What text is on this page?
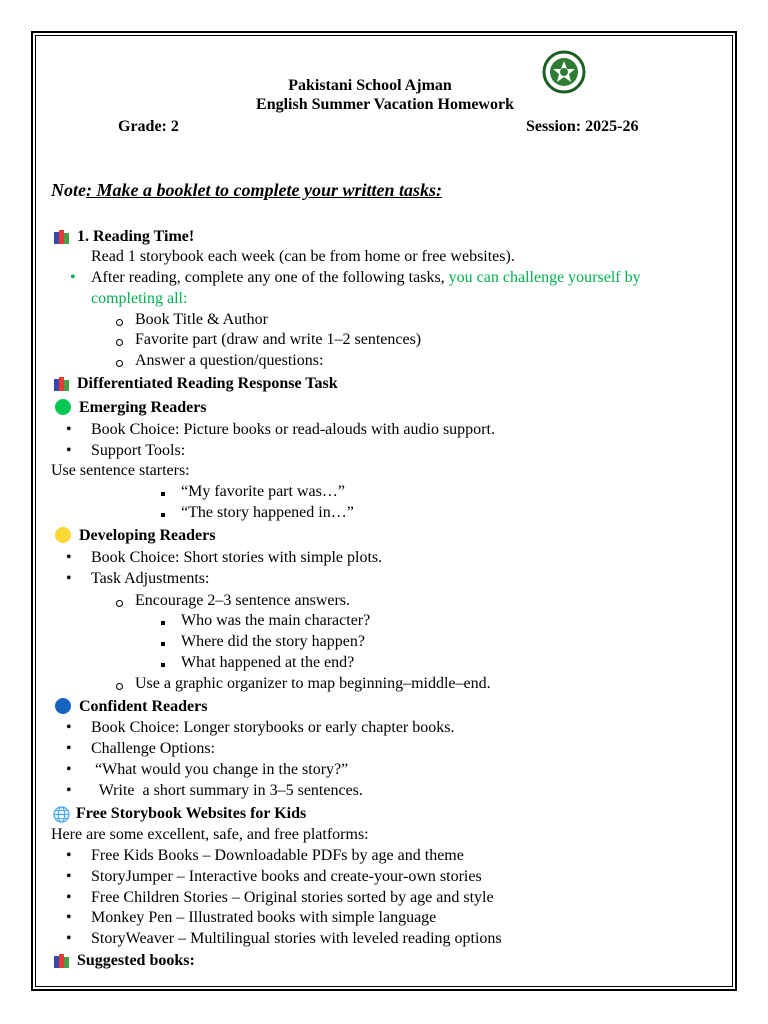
Pakistani School Ajman
English Summer Vacation Homework
Grade: 2	Session: 2025-26
Note: Make a booklet to complete your written tasks:
1. Reading Time!
Read 1 storybook each week (can be from home or free websites).
• After reading, complete any one of the following tasks, you can challenge yourself by
completing all:
Book Title & Author
Favorite part (draw and write 1–2 sentences)
Answer a question/questions:
Differentiated Reading Response Task
Emerging Readers
• Book Choice: Picture books or read-alouds with audio support.
• Support Tools:
Use sentence starters:
“My favorite part was…”
“The story happened in…”
Developing Readers
• Book Choice: Short stories with simple plots.
• Task Adjustments:
Encourage 2–3 sentence answers.
Who was the main character?
Where did the story happen?
What happened at the end?
Use a graphic organizer to map beginning–middle–end.
Confident Readers
• Book Choice: Longer storybooks or early chapter books.
• Challenge Options:
• “What would you change in the story?”
• Write  a short summary in 3–5 sentences.
Free Storybook Websites for Kids
Here are some excellent, safe, and free platforms:
• Free Kids Books – Downloadable PDFs by age and theme
• StoryJumper – Interactive books and create-your-own stories
• Free Children Stories – Original stories sorted by age and style
• Monkey Pen – Illustrated books with simple language
• StoryWeaver – Multilingual stories with leveled reading options
Suggested books:
